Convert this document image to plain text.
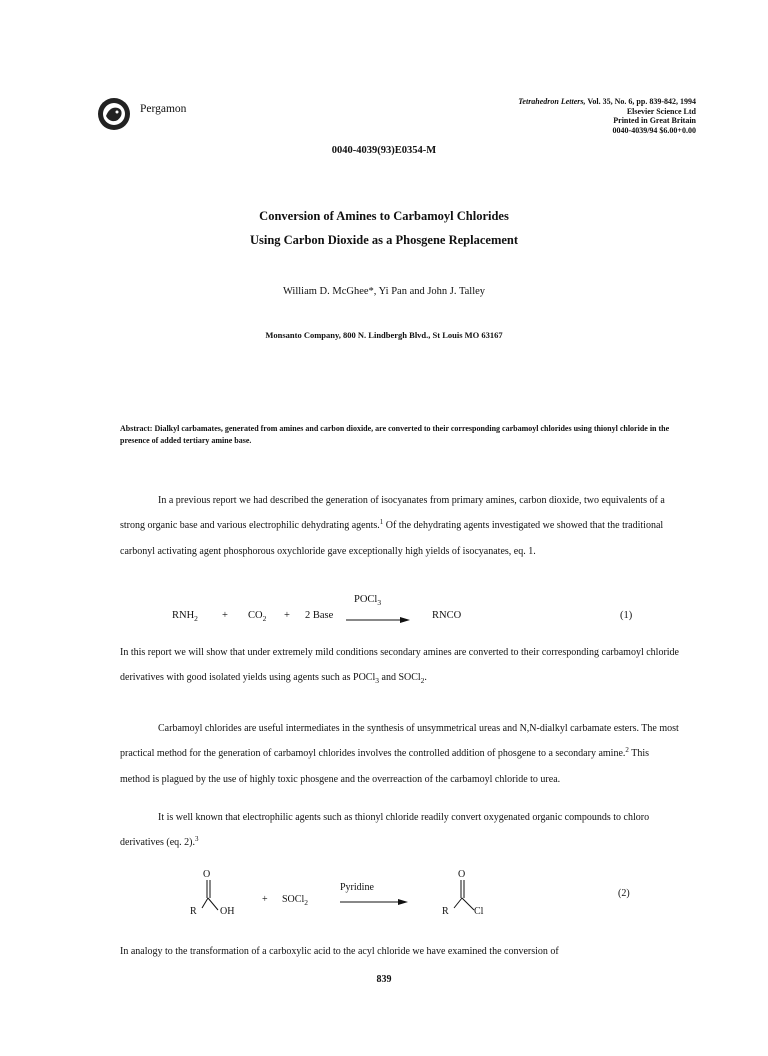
Pergamon
Tetrahedron Letters, Vol. 35, No. 6, pp. 839-842, 1994
Elsevier Science Ltd
Printed in Great Britain
0040-4039/94 $6.00+0.00
0040-4039(93)E0354-M
Conversion of Amines to Carbamoyl Chlorides
Using Carbon Dioxide as a Phosgene Replacement
William D. McGhee*, Yi Pan and John J. Talley
Monsanto Company, 800 N. Lindbergh Blvd., St Louis MO 63167
Abstract: Dialkyl carbamates, generated from amines and carbon dioxide, are converted to their corresponding carbamoyl chlorides using thionyl chloride in the presence of added tertiary amine base.
In a previous report we had described the generation of isocyanates from primary amines, carbon dioxide, two equivalents of a strong organic base and various electrophilic dehydrating agents.$^1$ Of the dehydrating agents investigated we showed that the traditional carbonyl activating agent phosphorous oxychloride gave exceptionally high yields of isocyanates, eq. 1.
$RNH_2 + CO_2 + 2$ Base
POCl$_3$
RNCO	(1)
In this report we will show that under extremely mild conditions secondary amines are converted to their corresponding carbamoyl chloride derivatives with good isolated yields using agents such as POCl$_3$ and SOCl$_2$.
Carbamoyl chlorides are useful intermediates in the synthesis of unsymmetrical ureas and N,N-dialkyl carbamate esters. The most practical method for the generation of carbamoyl chlorides involves the controlled addition of phosgene to a secondary amine.$^2$ This method is plagued by the use of highly toxic phosgene and the overreaction of the carbamoyl chloride to urea.
It is well known that electrophilic agents such as thionyl chloride readily convert oxygenated organic compounds to chloro derivatives (eq. 2).$^3$
O
R OH
+ SOCl$_2$
Pyridine
O
R	Cl
(2)
In analogy to the transformation of a carboxylic acid to the acyl chloride we have examined the conversion of
839
